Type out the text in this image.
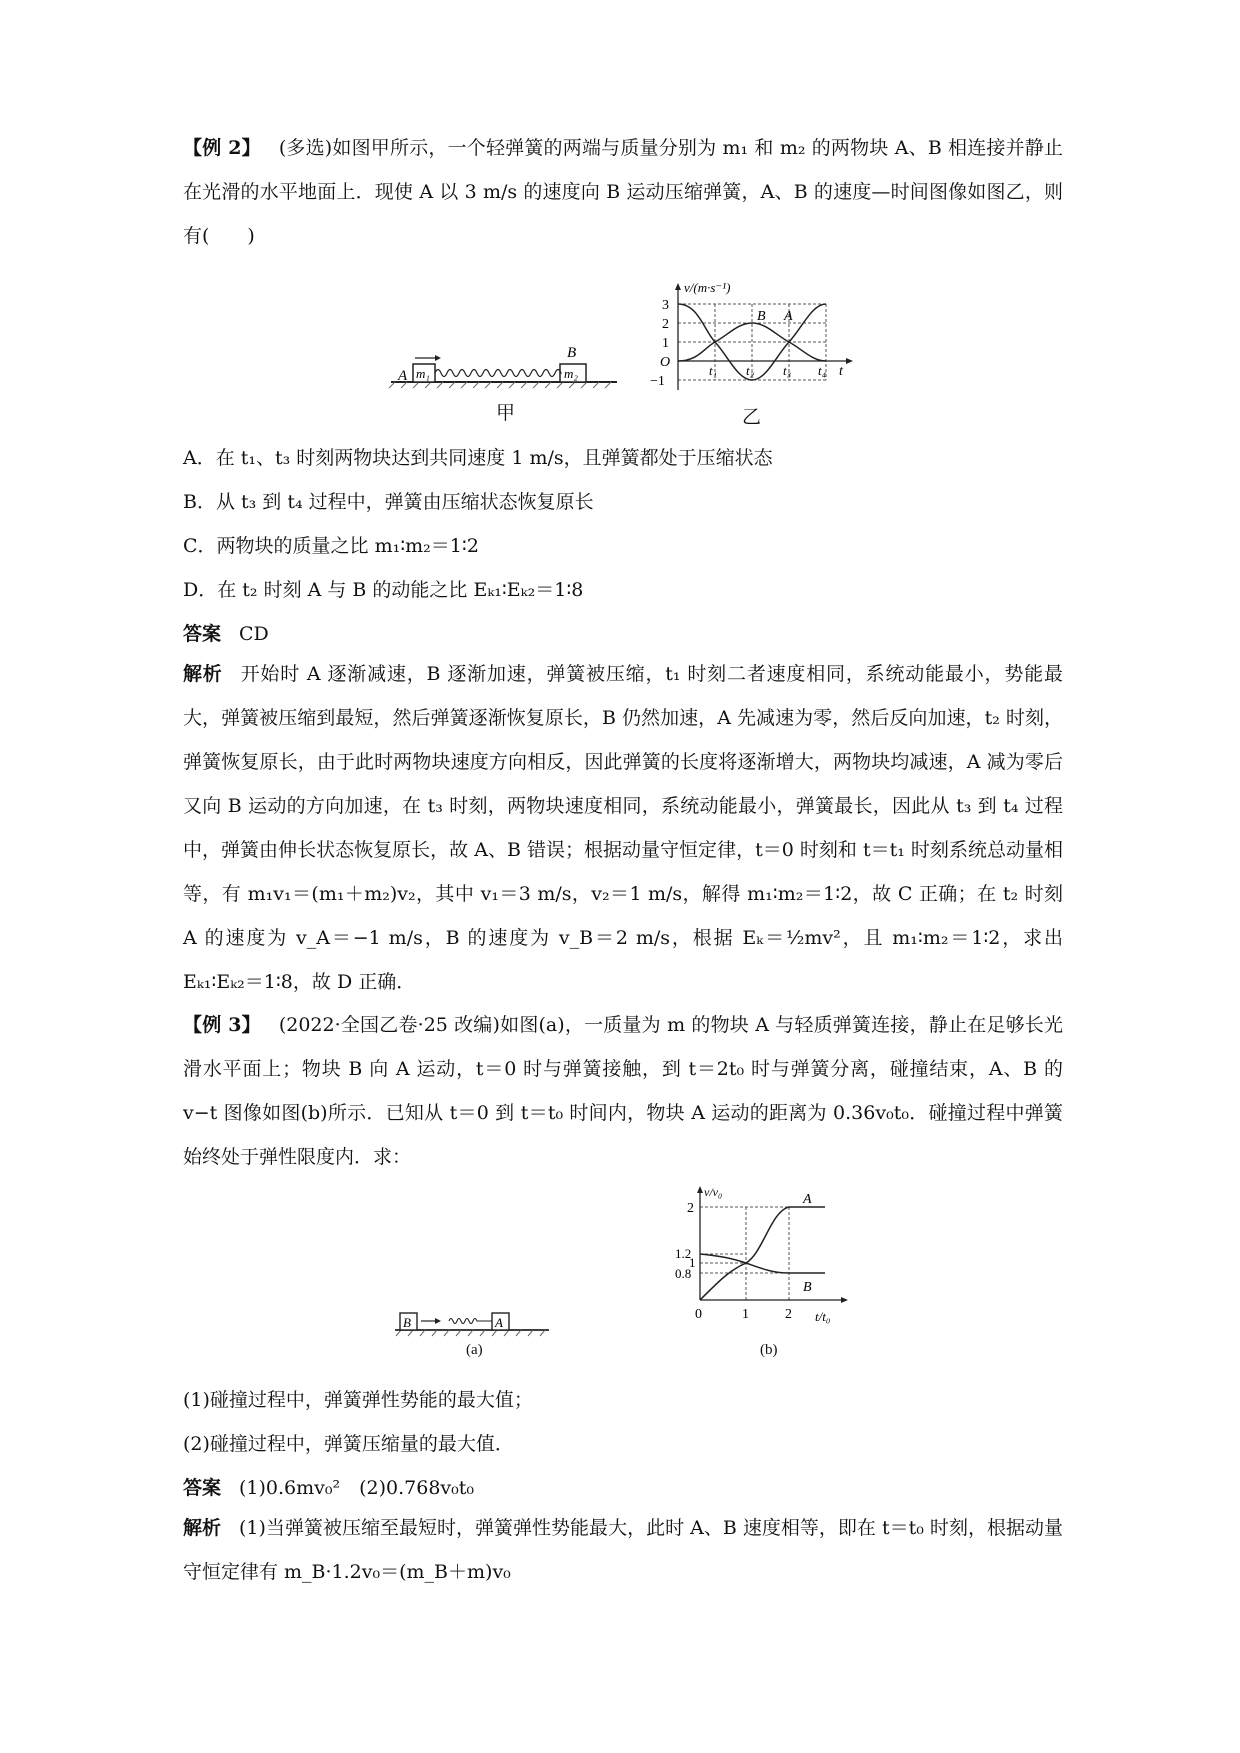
【例 2】 (多选)如图甲所示，一个轻弹簧的两端与质量分别为 m₁ 和 m₂ 的两物块 A、B 相连接并静止在光滑的水平地面上．现使 A 以 3 m/s 的速度向 B 运动压缩弹簧，A、B 的速度—时间图像如图乙，则有(　　)
m₁	m₂
A
B
甲
v/(m·s⁻¹)
3
2
1
O
−1
t₁ t₂ t₃ t₄ t
B A
乙
A．在 t₁、t₃ 时刻两物块达到共同速度 1 m/s，且弹簧都处于压缩状态
B．从 t₃ 到 t₄ 过程中，弹簧由压缩状态恢复原长
C．两物块的质量之比 m₁∶m₂＝1∶2
D．在 t₂ 时刻 A 与 B 的动能之比 Eₖ₁∶Eₖ₂＝1∶8
答案 CD
解析 开始时 A 逐渐减速，B 逐渐加速，弹簧被压缩，t₁ 时刻二者速度相同，系统动能最小，势能最大，弹簧被压缩到最短，然后弹簧逐渐恢复原长，B 仍然加速，A 先减速为零，然后反向加速，t₂ 时刻，弹簧恢复原长，由于此时两物块速度方向相反，因此弹簧的长度将逐渐增大，两物块均减速，A 减为零后又向 B 运动的方向加速，在 t₃ 时刻，两物块速度相同，系统动能最小，弹簧最长，因此从 t₃ 到 t₄ 过程中，弹簧由伸长状态恢复原长，故 A、B 错误；根据动量守恒定律，t＝0 时刻和 t＝t₁ 时刻系统总动量相等，有 m₁v₁＝(m₁＋m₂)v₂，其中 v₁＝3 m/s，v₂＝1 m/s，解得 m₁∶m₂＝1∶2，故 C 正确；在 t₂ 时刻 A 的速度为 v_A＝−1 m/s，B 的速度为 v_B＝2 m/s，根据 Eₖ＝½mv²，且 m₁∶m₂＝1∶2，求出 Eₖ₁∶Eₖ₂＝1∶8，故 D 正确．
【例 3】 (2022·全国乙卷·25 改编)如图(a)，一质量为 m 的物块 A 与轻质弹簧连接，静止在足够长光滑水平面上；物块 B 向 A 运动，t＝0 时与弹簧接触，到 t＝2t₀ 时与弹簧分离，碰撞结束，A、B 的 v−t 图像如图(b)所示．已知从 t＝0 到 t＝t₀ 时间内，物块 A 运动的距离为 0.36v₀t₀．碰撞过程中弹簧始终处于弹性限度内．求：
B	A
(a)
v/v₀
2
1.2
1
0.8
0	1	2 t/t₀
A
B
(b)
(1)碰撞过程中，弹簧弹性势能的最大值；
(2)碰撞过程中，弹簧压缩量的最大值．
答案 (1)0.6mv₀²　(2)0.768v₀t₀
解析 (1)当弹簧被压缩至最短时，弹簧弹性势能最大，此时 A、B 速度相等，即在 t＝t₀ 时刻，根据动量守恒定律有 m_B·1.2v₀＝(m_B＋m)v₀
